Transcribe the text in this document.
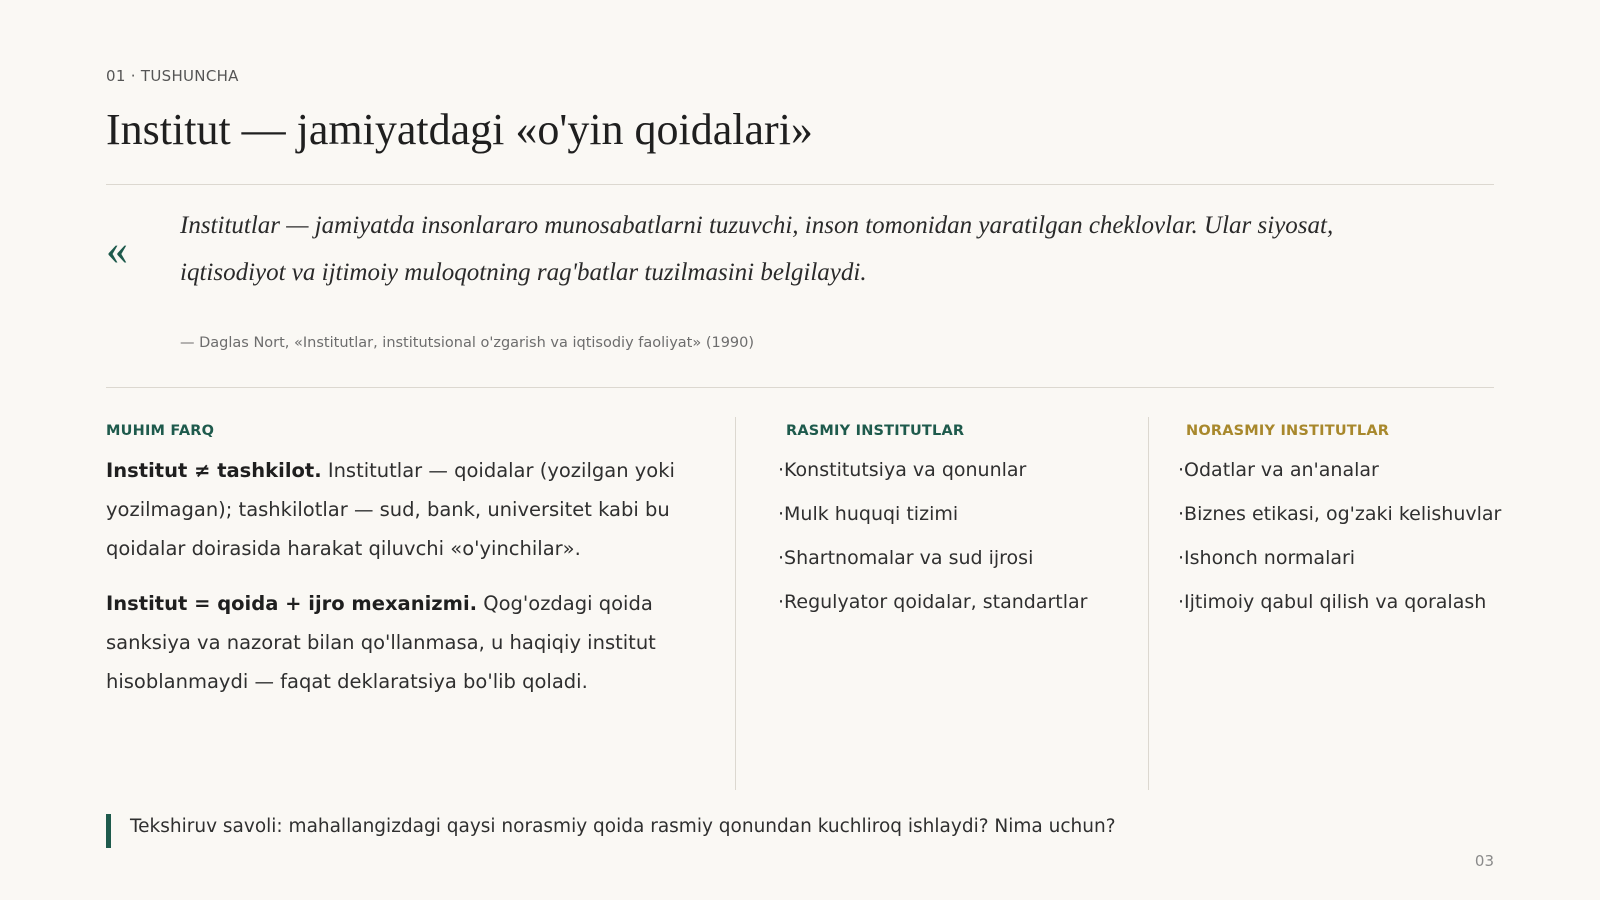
01 · TUSHUNCHA
Institut — jamiyatdagi «o'yin qoidalari»
« Institutlar — jamiyatda insonlararo munosabatlarni tuzuvchi, inson tomonidan yaratilgan cheklovlar. Ular siyosat, iqtisodiyot va ijtimoiy muloqotning rag'batlar tuzilmasini belgilaydi.
— Daglas Nort, «Institutlar, institutsional o'zgarish va iqtisodiy faoliyat» (1990)
MUHIM FARQ
Institut ≠ tashkilot. Institutlar — qoidalar (yozilgan yoki yozilmagan); tashkilotlar — sud, bank, universitet kabi bu qoidalar doirasida harakat qiluvchi «o'yinchilar».
Institut = qoida + ijro mexanizmi. Qog'ozdagi qoida sanksiya va nazorat bilan qo'llanmasa, u haqiqiy institut hisoblanmaydi — faqat deklaratsiya bo'lib qoladi.
RASMIY INSTITUTLAR
·Konstitutsiya va qonunlar
·Mulk huquqi tizimi
·Shartnomalar va sud ijrosi
·Regulyator qoidalar, standartlar
NORASMIY INSTITUTLAR
·Odatlar va an'analar
·Biznes etikasi, og'zaki kelishuvlar
·Ishonch normalari
·Ijtimoiy qabul qilish va qoralash
Tekshiruv savoli: mahallangizdagi qaysi norasmiy qoida rasmiy qonundan kuchliroq ishlaydi? Nima uchun?
03
